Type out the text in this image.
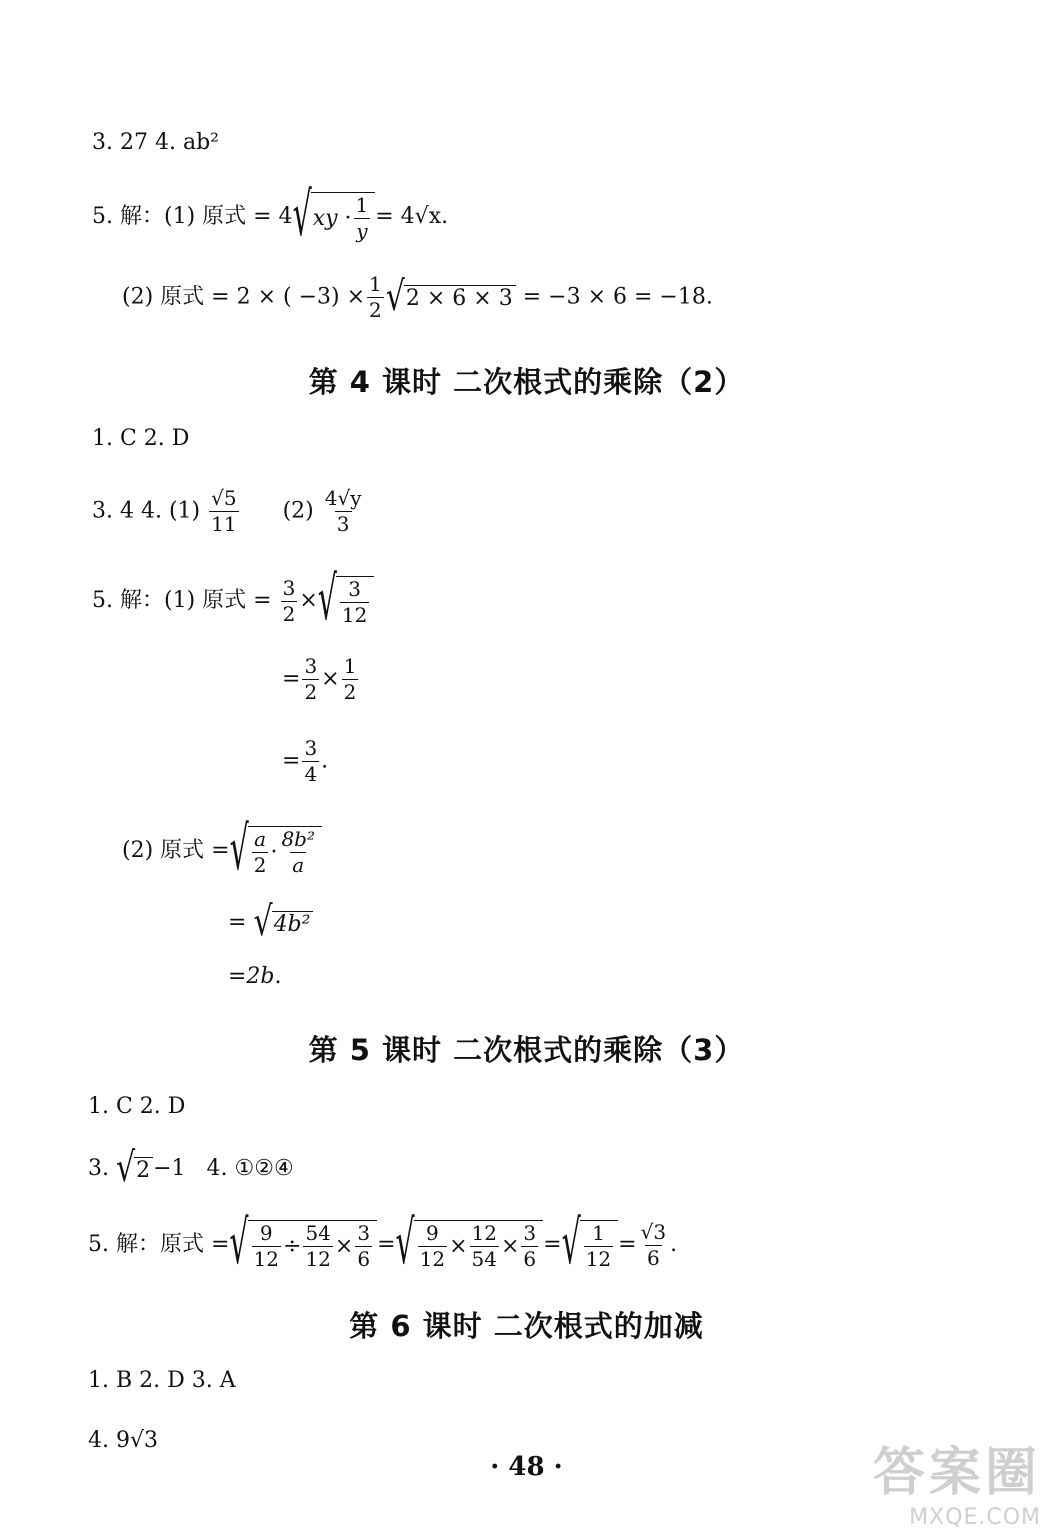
3. 27 4. ab²
5. 解：(1) 原式 = 4 √ xy · $\frac{1}{y} = 4√x$.
(2) 原式 = 2 × ( $-3) \times \frac{1}{2}$ √ 2 × 6 × 3 = −3 × 6 = −18.
第 4 课时 二次根式的乘除（2）
1. C 2. D
3. 4 4. $(1) \frac{√5}{11} (2) \frac{4√y}{3}$
5. 解：(1) 原式 = $\frac{3}{2}$ × √ $\frac{3}{12}$
= $\frac{3}{2} \times \frac{1}{2}$
= $\frac{3}{4}$ .
(2) 原式 = √ $\frac{a}{2} \cdot \frac{\text{8b²}}{a}$
= √ 4b²
=2b.
第 5 课时 二次根式的乘除（3）
1. C 2. D
3. √ 2 −1 4. ①②④
5. 解：原式 = √ $\frac{9}{12} \div \frac{54}{12} \times \frac{3}{6}$ = √ $\frac{9}{12} \times \frac{12}{54} \times \frac{3}{6}$ = √ $\frac{1}{12} = \frac{√3}{6}$ .
第 6 课时 二次根式的加减
1. B 2. D 3. A
4. 9√3
· 48 ·	答案圈
MXQE.COM
